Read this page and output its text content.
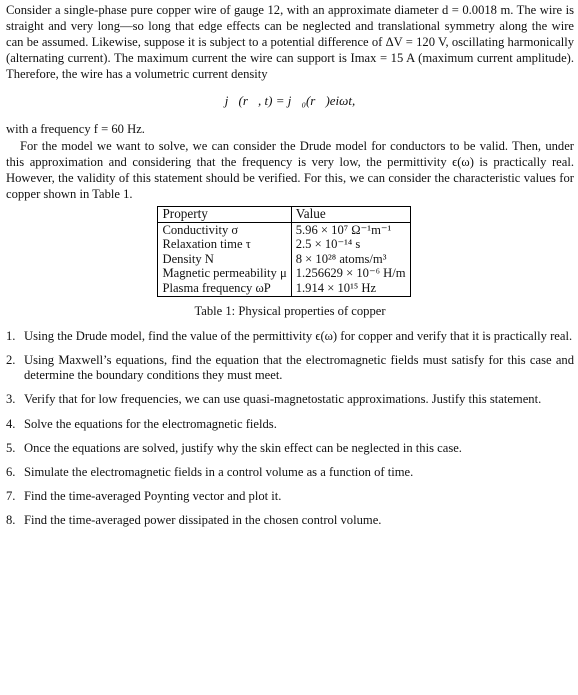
Consider a single-phase pure copper wire of gauge 12, with an approximate diameter d = 0.0018 m. The wire is straight and very long—so long that edge effects can be neglected and translational symmetry along the wire can be assumed. Likewise, suppose it is subject to a potential difference of ΔV = 120 V, oscillating harmonically (alternating current). The maximum current the wire can support is Imax = 15 A (maximum current amplitude). Therefore, the wire has a volumetric current density

j⃗(r⃗, t) = j⃗₀(r⃗)eiωt,

with a frequency f = 60 Hz.

For the model we want to solve, we can consider the Drude model for conductors to be valid. Then, under this approximation and considering that the frequency is very low, the permittivity ϵ(ω) is practically real. However, the validity of this statement should be verified. For this, we can consider the characteristic values for copper shown in Table 1.

Property	Value
Conductivity σ	5.96 × 10⁷ Ω⁻¹m⁻¹
Relaxation time τ	2.5 × 10⁻¹⁴ s
Density N	8 × 10²⁸ atoms/m³
Magnetic permeability μ	1.256629 × 10⁻⁶ H/m
Plasma frequency ωP	1.914 × 10¹⁵ Hz
Table 1: Physical properties of copper
1. Using the Drude model, find the value of the permittivity ϵ(ω) for copper and verify that it is practically real.
2. Using Maxwell’s equations, find the equation that the electromagnetic fields must satisfy for this case and determine the boundary conditions they must meet.
3. Verify that for low frequencies, we can use quasi-magnetostatic approximations. Justify this statement.
4. Solve the equations for the electromagnetic fields.
5. Once the equations are solved, justify why the skin effect can be neglected in this case.
6. Simulate the electromagnetic fields in a control volume as a function of time.
7. Find the time-averaged Poynting vector and plot it.
8. Find the time-averaged power dissipated in the chosen control volume.
